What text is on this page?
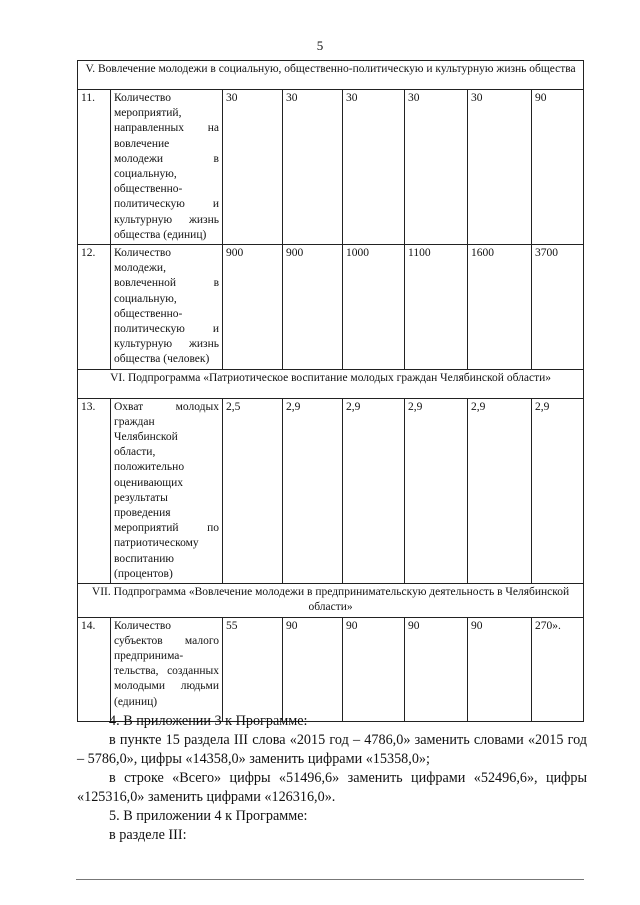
5
V. Вовлечение молодежи в социальную, общественно-политическую и культурную жизнь общества							
11.	Количество мероприятий, направленных на вовлечение молодежи в социальную, общественно-политическую и культурную жизнь общества (единиц)	30	30	30	30	30	90
12.	Количество молодежи, вовлеченной в социальную, общественно-политическую и культурную жизнь общества (человек)	900	900	1000	1100	1600	3700
VI. Подпрограмма «Патриотическое воспитание молодых граждан Челябинской области»							
13.	Охват молодых граждан Челябинской области, положительно оценивающих результаты проведения мероприятий по патриотическому воспитанию (процентов)	2,5	2,9	2,9	2,9	2,9	2,9
VII. Подпрограмма «Вовлечение молодежи в предпринимательскую деятельность в Челябинской области»							
14.	Количество субъектов малого предпринима-тельства, созданных молодыми людьми (единиц)	55	90	90	90	90	270».
4. В приложении 3 к Программе:
в пункте 15 раздела III слова «2015 год – 4786,0» заменить словами «2015 год – 5786,0», цифры «14358,0» заменить цифрами «15358,0»;
в строке «Всего» цифры «51496,6» заменить цифрами «52496,6», цифры «125316,0» заменить цифрами «126316,0».
5. В приложении 4 к Программе:
в разделе III:
